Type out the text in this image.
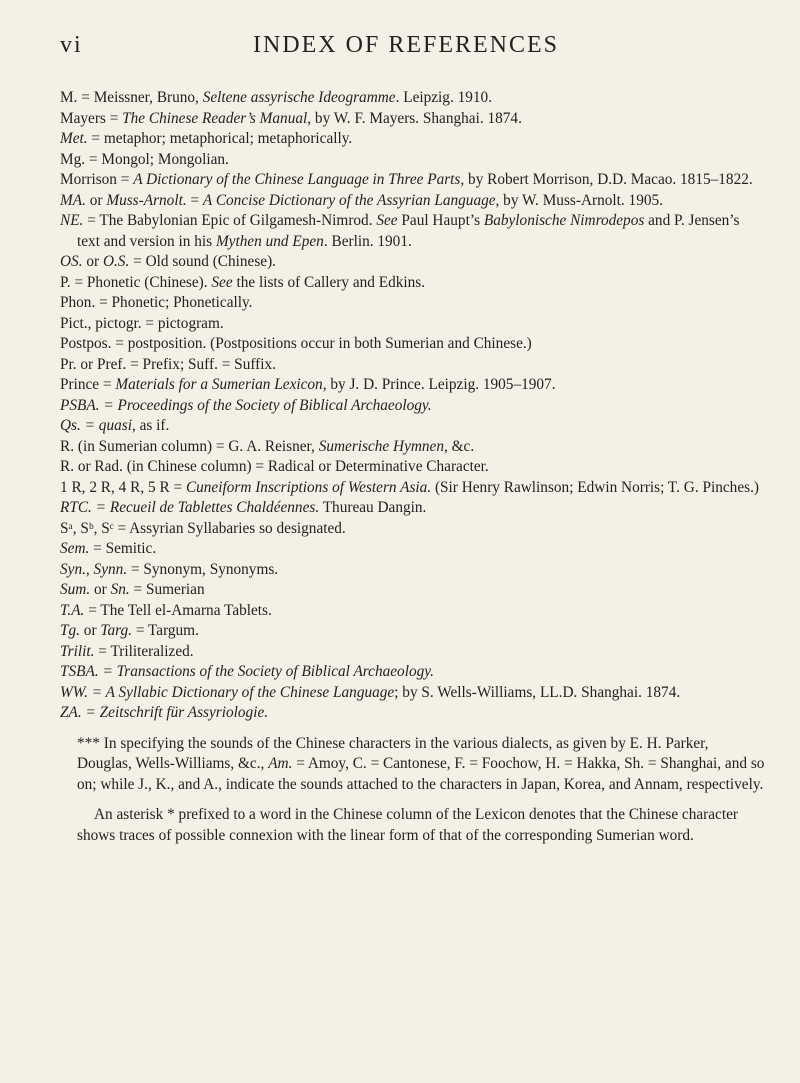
vi	INDEX OF REFERENCES

M. = Meissner, Bruno, Seltene assyrische Ideogramme. Leipzig. 1910.

Mayers = The Chinese Reader’s Manual, by W. F. Mayers. Shanghai. 1874.

Met. = metaphor; metaphorical; metaphorically.

Mg. = Mongol; Mongolian.

Morrison = A Dictionary of the Chinese Language in Three Parts, by Robert Morrison, D.D. Macao. 1815–1822.

MA. or Muss-Arnolt. = A Concise Dictionary of the Assyrian Language, by W. Muss-Arnolt. 1905.

NE. = The Babylonian Epic of Gilgamesh-Nimrod. See Paul Haupt’s Babylonische Nimrodepos and P. Jensen’s text and version in his Mythen und Epen. Berlin. 1901.

OS. or O.S. = Old sound (Chinese).

P. = Phonetic (Chinese). See the lists of Callery and Edkins.

Phon. = Phonetic; Phonetically.

Pict., pictogr. = pictogram.

Postpos. = postposition. (Postpositions occur in both Sumerian and Chinese.)

Pr. or Pref. = Prefix; Suff. = Suffix.

Prince = Materials for a Sumerian Lexicon, by J. D. Prince. Leipzig. 1905–1907.

PSBA. = Proceedings of the Society of Biblical Archaeology.

Qs. = quasi, as if.

R. (in Sumerian column) = G. A. Reisner, Sumerische Hymnen, &c.

R. or Rad. (in Chinese column) = Radical or Determinative Character.

1 R, 2 R, 4 R, 5 R = Cuneiform Inscriptions of Western Asia. (Sir Henry Rawlinson; Edwin Norris; T. G. Pinches.)

RTC. = Recueil de Tablettes Chaldéennes. Thureau Dangin.

Sᵃ, Sᵇ, Sᶜ = Assyrian Syllabaries so designated.

Sem. = Semitic.

Syn., Synn. = Synonym, Synonyms.

Sum. or Sn. = Sumerian

T.A. = The Tell el-Amarna Tablets.

Tg. or Targ. = Targum.

Trilit. = Triliteralized.

TSBA. = Transactions of the Society of Biblical Archaeology.

WW. = A Syllabic Dictionary of the Chinese Language; by S. Wells-Williams, LL.D. Shanghai. 1874.

ZA. = Zeitschrift für Assyriologie.

*** In specifying the sounds of the Chinese characters in the various dialects, as given by E. H. Parker, Douglas, Wells-Williams, &c., Am. = Amoy, C. = Cantonese, F. = Foochow, H. = Hakka, Sh. = Shanghai, and so on; while J., K., and A., indicate the sounds attached to the characters in Japan, Korea, and Annam, respectively.

An asterisk * prefixed to a word in the Chinese column of the Lexicon denotes that the Chinese character shows traces of possible connexion with the linear form of that of the corresponding Sumerian word.
